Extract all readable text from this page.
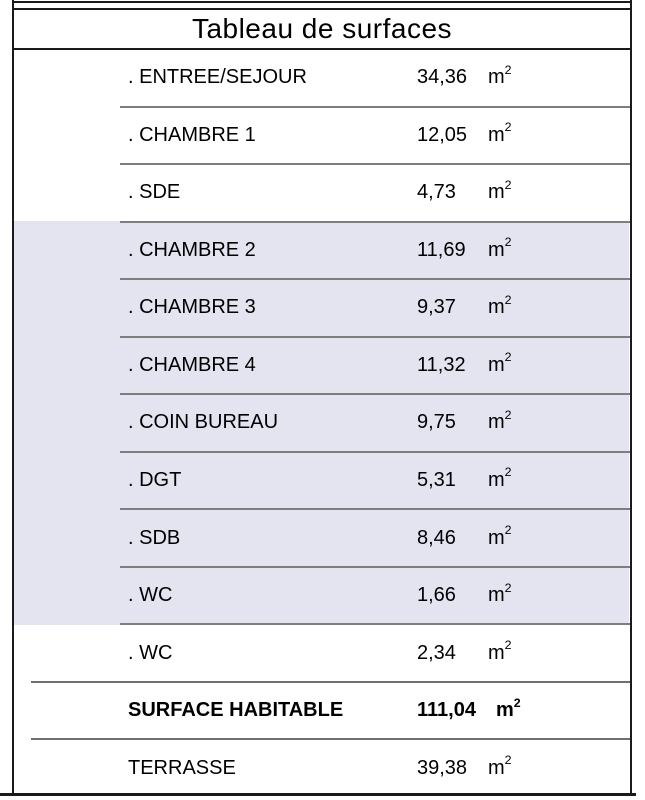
Tableau de surfaces
. ENTREE/SEJOUR	34,36 $m^2$
. CHAMBRE 1	12,05 $m^2$
. SDE	4,73 $m^2$
. CHAMBRE 2	11,69 $m^2$
. CHAMBRE 3	9,37 $m^2$
. CHAMBRE 4	11,32 $m^2$
. COIN BUREAU	9,75 $m^2$
. DGT	5,31 $m^2$
. SDB	8,46 $m^2$
. WC	1,66 $m^2$
. WC	2,34 $m^2$
SURFACE HABITABLE	111,04 $m^2$
TERRASSE	39,38 $m^2$
